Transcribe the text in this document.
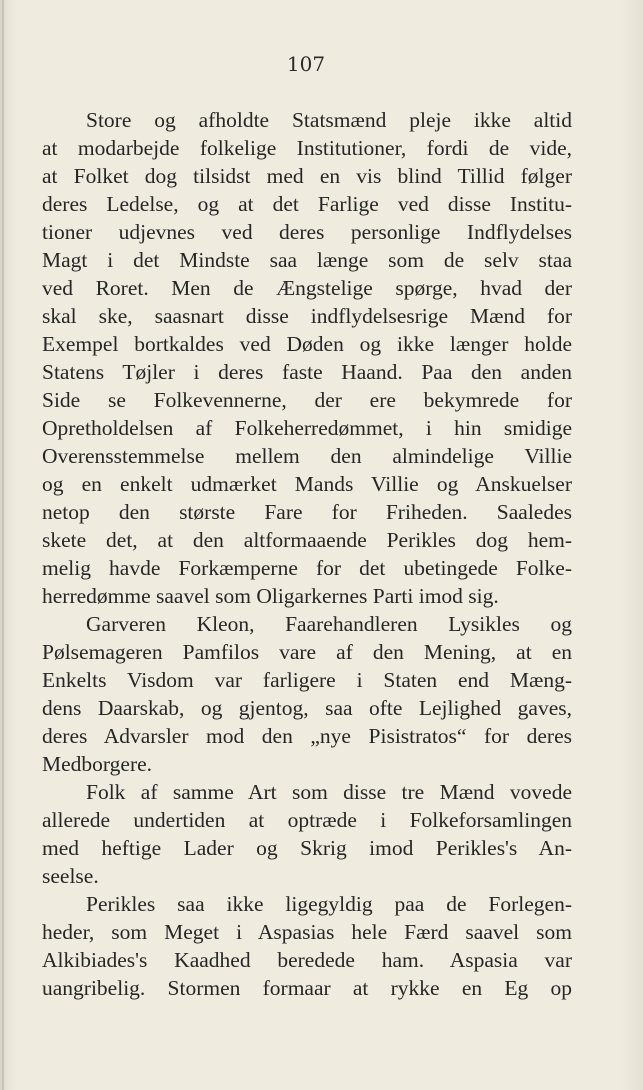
107
Store og afholdte Statsmænd pleje ikke altid
at modarbejde folkelige Institutioner, fordi de vide,
at Folket dog tilsidst med en vis blind Tillid følger
deres Ledelse, og at det Farlige ved disse Institu-
tioner udjevnes ved deres personlige Indflydelses
Magt i det Mindste saa længe som de selv staa
ved Roret. Men de Ængstelige spørge, hvad der
skal ske, saasnart disse indflydelsesrige Mænd for
Exempel bortkaldes ved Døden og ikke længer holde
Statens Tøjler i deres faste Haand. Paa den anden
Side se Folkevennerne, der ere bekymrede for
Opretholdelsen af Folkeherredømmet, i hin smidige
Overensstemmelse mellem den almindelige Villie
og en enkelt udmærket Mands Villie og Anskuelser
netop den største Fare for Friheden. Saaledes
skete det, at den altformaaende Perikles dog hem-
melig havde Forkæmperne for det ubetingede Folke-
herredømme saavel som Oligarkernes Parti imod sig.
Garveren Kleon, Faarehandleren Lysikles og
Pølsemageren Pamfilos vare af den Mening, at en
Enkelts Visdom var farligere i Staten end Mæng-
dens Daarskab, og gjentog, saa ofte Lejlighed gaves,
deres Advarsler mod den „nye Pisistratos“ for deres
Medborgere.
Folk af samme Art som disse tre Mænd vovede
allerede undertiden at optræde i Folkeforsamlingen
med heftige Lader og Skrig imod Perikles's An-
seelse.
Perikles saa ikke ligegyldig paa de Forlegen-
heder, som Meget i Aspasias hele Færd saavel som
Alkibiades's Kaadhed beredede ham. Aspasia var
uangribelig. Stormen formaar at rykke en Eg op
